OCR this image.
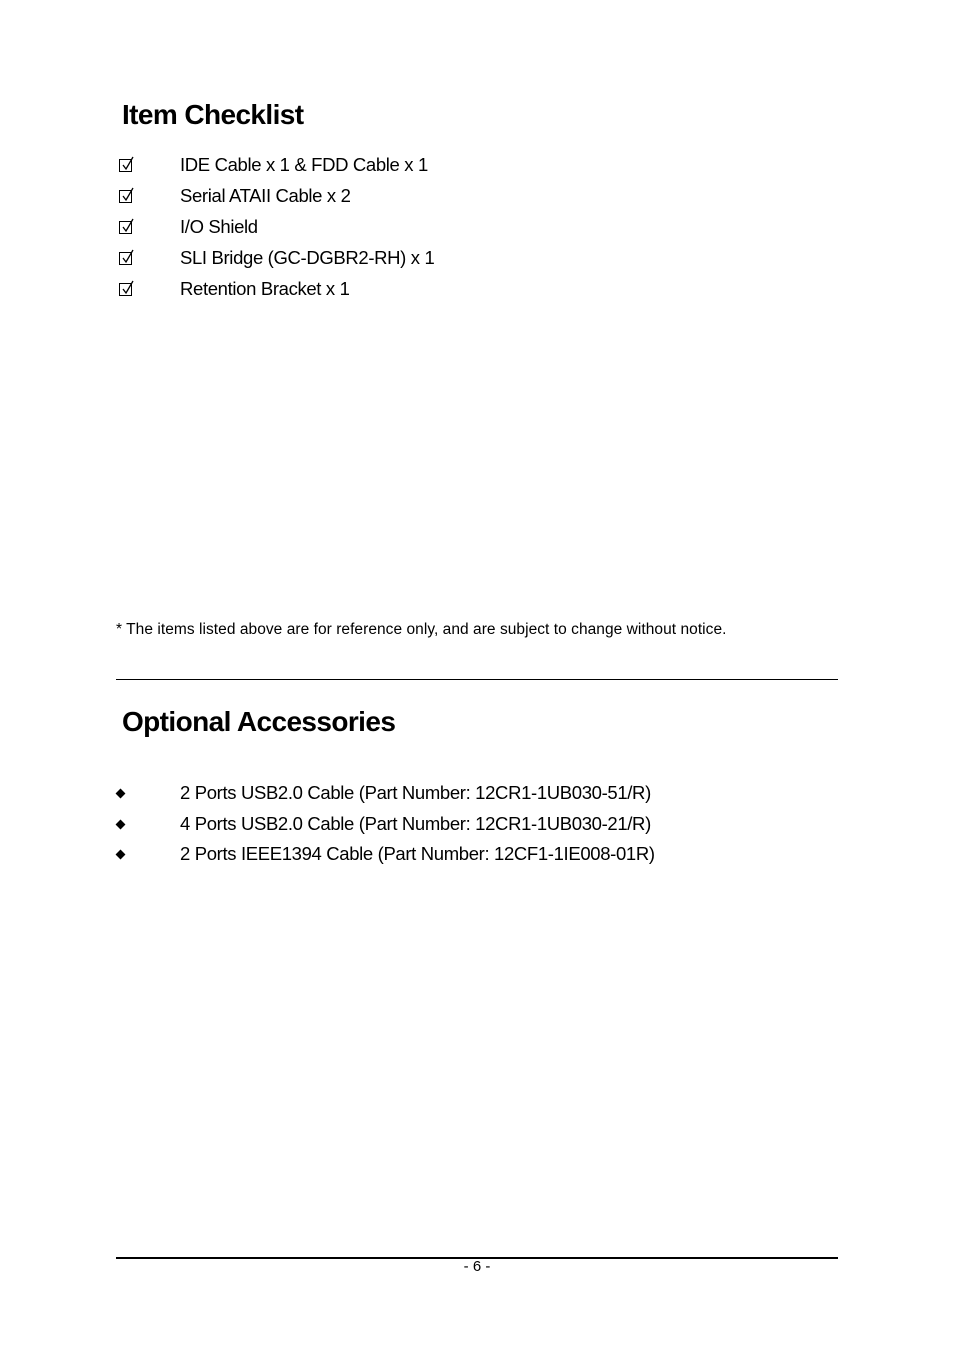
Item Checklist
IDE Cable x 1 & FDD Cable x 1
Serial ATAII Cable x 2
I/O Shield
SLI Bridge (GC-DGBR2-RH) x 1
Retention Bracket x 1

* The items listed above are for reference only, and are subject to change without notice.

Optional Accessories
2 Ports USB2.0 Cable (Part Number: 12CR1-1UB030-51/R)
4 Ports USB2.0 Cable (Part Number: 12CR1-1UB030-21/R)
2 Ports IEEE1394 Cable (Part Number: 12CF1-1IE008-01R)

- 6 -
